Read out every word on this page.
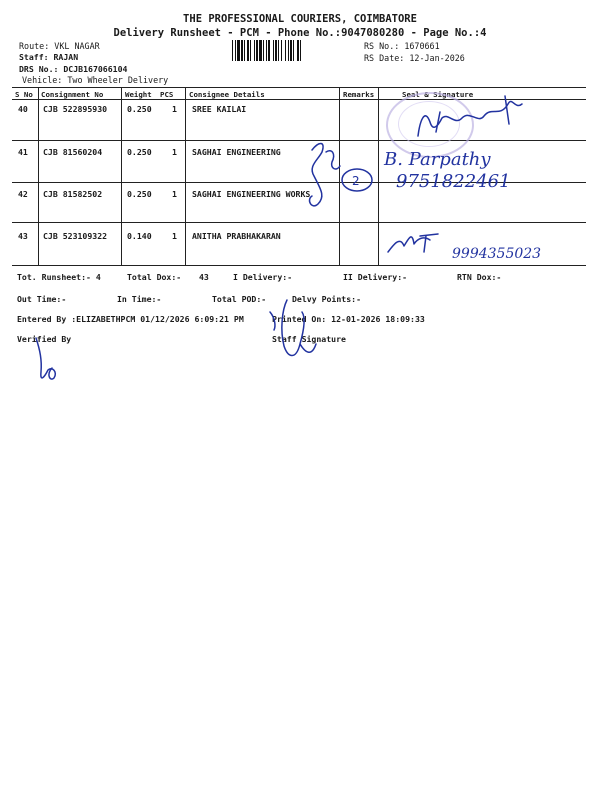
THE PROFESSIONAL COURIERS, COIMBATORE
Delivery Runsheet - PCM - Phone No.:9047080280 - Page No.:4
Route: VKL NAGAR
Staff: RAJAN
DRS No.: DCJB167066104
Vehicle: Two Wheeler Delivery
RS No.: 1670661
RS Date: 12-Jan-2026
S No Consignment No	Weight PCS Consignee Details	Remarks	Seal & Signature
40 CJB 522895930 0.250 1 SREE KAILAI
41 CJB 81560204	0.250 1 SAGHAI ENGINEERING
42 CJB 81582502	0.250 1 SAGHAI ENGINEERING WORKS
43 CJB 523109322 0.140 1 ANITHA PRABHAKARAN
Tot. Runsheet:- 4	Total Dox:- 43	I Delivery:-	II Delivery:-	RTN Dox:-
Out Time:-	In Time:-	Total POD:-	Delvy Points:-
Entered By :ELIZABETHPCM 01/12/2026 6:09:21 PM	Printed On: 12-01-2026 18:09:33
Verified By	Staff Signature
B. Parpathy
9751822461
9994355023
2
